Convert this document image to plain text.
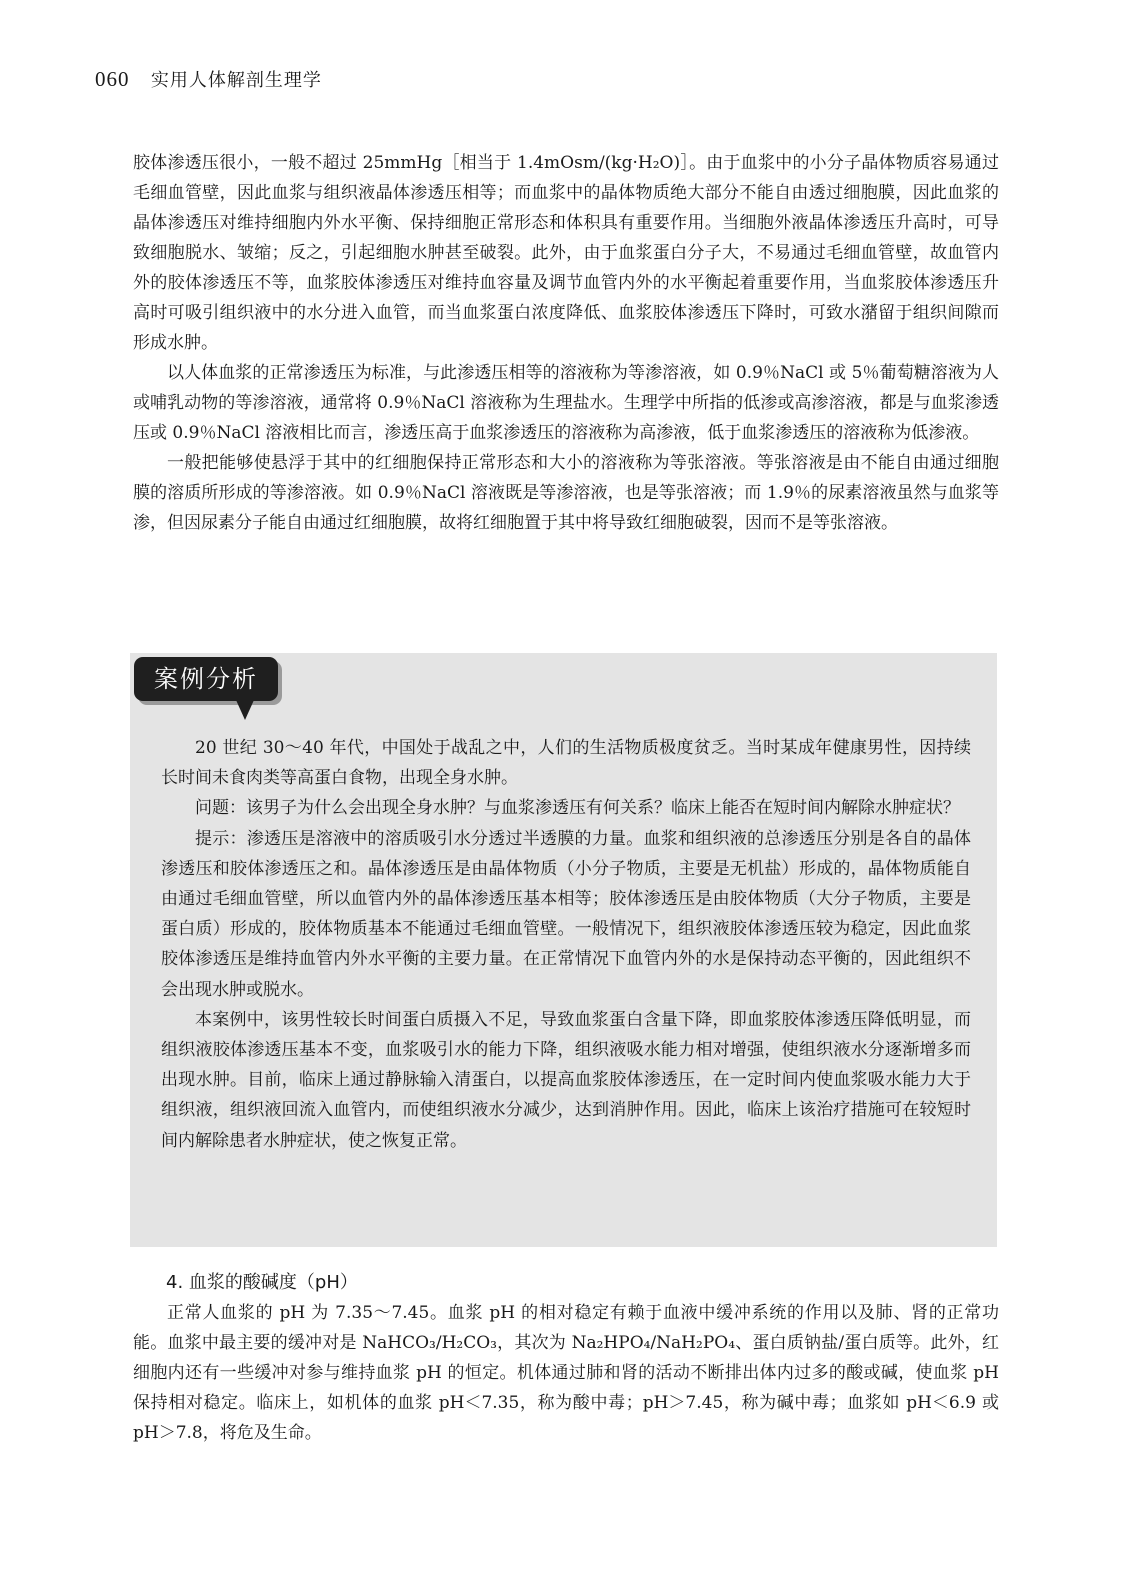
060 实用人体解剖生理学

胶体渗透压很小，一般不超过 25mmHg［相当于 1.4mOsm/(kg·H₂O)］。由于血浆中的小分子晶体物质容易通过毛细血管壁，因此血浆与组织液晶体渗透压相等；而血浆中的晶体物质绝大部分不能自由透过细胞膜，因此血浆的晶体渗透压对维持细胞内外水平衡、保持细胞正常形态和体积具有重要作用。当细胞外液晶体渗透压升高时，可导致细胞脱水、皱缩；反之，引起细胞水肿甚至破裂。此外，由于血浆蛋白分子大，不易通过毛细血管壁，故血管内外的胶体渗透压不等，血浆胶体渗透压对维持血容量及调节血管内外的水平衡起着重要作用，当血浆胶体渗透压升高时可吸引组织液中的水分进入血管，而当血浆蛋白浓度降低、血浆胶体渗透压下降时，可致水潴留于组织间隙而形成水肿。

以人体血浆的正常渗透压为标准，与此渗透压相等的溶液称为等渗溶液，如 0.9％NaCl 或 5％葡萄糖溶液为人或哺乳动物的等渗溶液，通常将 0.9％NaCl 溶液称为生理盐水。生理学中所指的低渗或高渗溶液，都是与血浆渗透压或 0.9％NaCl 溶液相比而言，渗透压高于血浆渗透压的溶液称为高渗液，低于血浆渗透压的溶液称为低渗液。

一般把能够使悬浮于其中的红细胞保持正常形态和大小的溶液称为等张溶液。等张溶液是由不能自由通过细胞膜的溶质所形成的等渗溶液。如 0.9％NaCl 溶液既是等渗溶液，也是等张溶液；而 1.9％的尿素溶液虽然与血浆等渗，但因尿素分子能自由通过红细胞膜，故将红细胞置于其中将导致红细胞破裂，因而不是等张溶液。

案例分析

20 世纪 30～40 年代，中国处于战乱之中，人们的生活物质极度贫乏。当时某成年健康男性，因持续长时间未食肉类等高蛋白食物，出现全身水肿。

问题：该男子为什么会出现全身水肿？与血浆渗透压有何关系？临床上能否在短时间内解除水肿症状？

提示：渗透压是溶液中的溶质吸引水分透过半透膜的力量。血浆和组织液的总渗透压分别是各自的晶体渗透压和胶体渗透压之和。晶体渗透压是由晶体物质（小分子物质，主要是无机盐）形成的，晶体物质能自由通过毛细血管壁，所以血管内外的晶体渗透压基本相等；胶体渗透压是由胶体物质（大分子物质，主要是蛋白质）形成的，胶体物质基本不能通过毛细血管壁。一般情况下，组织液胶体渗透压较为稳定，因此血浆胶体渗透压是维持血管内外水平衡的主要力量。在正常情况下血管内外的水是保持动态平衡的，因此组织不会出现水肿或脱水。

本案例中，该男性较长时间蛋白质摄入不足，导致血浆蛋白含量下降，即血浆胶体渗透压降低明显，而组织液胶体渗透压基本不变，血浆吸引水的能力下降，组织液吸水能力相对增强，使组织液水分逐渐增多而出现水肿。目前，临床上通过静脉输入清蛋白，以提高血浆胶体渗透压，在一定时间内使血浆吸水能力大于组织液，组织液回流入血管内，而使组织液水分减少，达到消肿作用。因此，临床上该治疗措施可在较短时间内解除患者水肿症状，使之恢复正常。

4. 血浆的酸碱度（pH）

正常人血浆的 pH 为 7.35～7.45。血浆 pH 的相对稳定有赖于血液中缓冲系统的作用以及肺、肾的正常功能。血浆中最主要的缓冲对是 NaHCO₃/H₂CO₃，其次为 Na₂HPO₄/NaH₂PO₄、蛋白质钠盐/蛋白质等。此外，红细胞内还有一些缓冲对参与维持血浆 pH 的恒定。机体通过肺和肾的活动不断排出体内过多的酸或碱，使血浆 pH 保持相对稳定。临床上，如机体的血浆 pH＜7.35，称为酸中毒；pH＞7.45，称为碱中毒；血浆如 pH＜6.9 或 pH＞7.8，将危及生命。
